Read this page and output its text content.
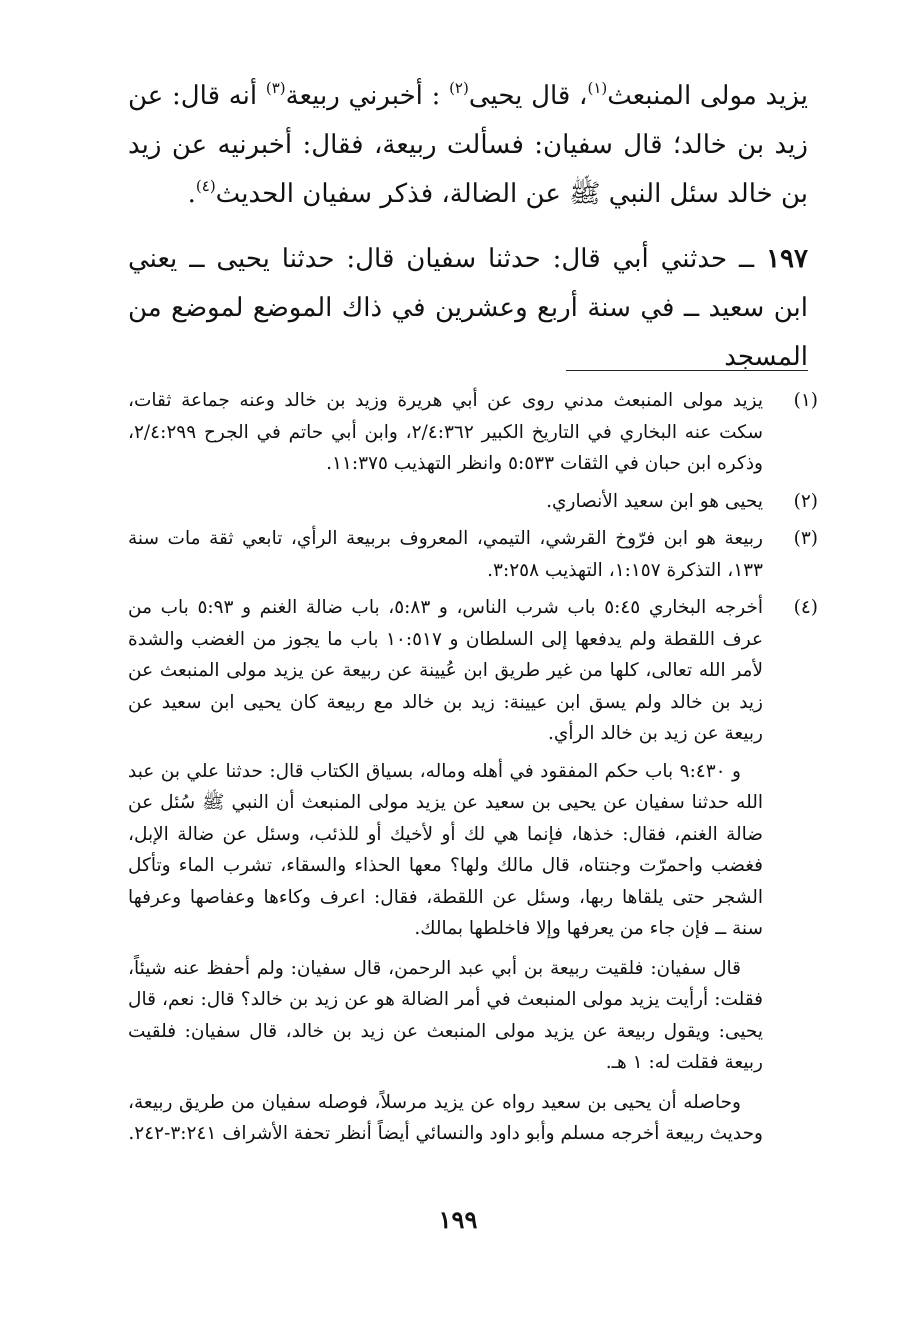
يزيد مولى المنبعث$^{(١)}$، قال يحيى$^{(٢)}$ : أخبرني ربيعة$^{(٣)}$ أنه قال: عن زيد بن خالد؛ قال سفيان: فسألت ربيعة، فقال: أخبرنيه عن زيد بن خالد سئل النبي ﷺ عن الضالة، فذكر سفيان الحديث$^{(٤)}$.

١٩٧ ــ حدثني أبي قال: حدثنا سفيان قال: حدثنا يحيى ــ يعني ابن سعيد ــ في سنة أربع وعشرين في ذاك الموضع لموضع من المسجد

(١)

يزيد مولى المنبعث مدني روى عن أبي هريرة وزيد بن خالد وعنه جماعة ثقات، سكت عنه البخاري في التاريخ الكبير ٢/٤:٣٦٢، وابن أبي حاتم في الجرح ٢/٤:٢٩٩، وذكره ابن حبان في الثقات ٥:٥٣٣ وانظر التهذيب ١١:٣٧٥.

(٢)

يحيى هو ابن سعيد الأنصاري.

(٣)

ربيعة هو ابن فرّوخ القرشي، التيمي، المعروف بربيعة الرأي، تابعي ثقة مات سنة ١٣٣، التذكرة ١:١٥٧، التهذيب ٣:٢٥٨.

(٤)

أخرجه البخاري ٥:٤٥ باب شرب الناس، و ٥:٨٣، باب ضالة الغنم و ٥:٩٣ باب من عرف اللقطة ولم يدفعها إلى السلطان و ١٠:٥١٧ باب ما يجوز من الغضب والشدة لأمر الله تعالى، كلها من غير طريق ابن عُيينة عن ربيعة عن يزيد مولى المنبعث عن زيد بن خالد ولم يسق ابن عيينة: زيد بن خالد مع ربيعة كان يحيى ابن سعيد عن ربيعة عن زيد بن خالد الرأي.

و ٩:٤٣٠ باب حكم المفقود في أهله وماله، بسياق الكتاب قال: حدثنا علي بن عبد الله حدثنا سفيان عن يحيى بن سعيد عن يزيد مولى المنبعث أن النبي ﷺ سُئل عن ضالة الغنم، فقال: خذها، فإنما هي لك أو لأخيك أو للذئب، وسئل عن ضالة الإبل، فغضب واحمرّت وجنتاه، قال مالك ولها؟ معها الحذاء والسقاء، تشرب الماء وتأكل الشجر حتى يلقاها ربها، وسئل عن اللقطة، فقال: اعرف وكاءها وعفاصها وعرفها سنة ــ فإن جاء من يعرفها وإلا فاخلطها بمالك.

قال سفيان: فلقيت ربيعة بن أبي عبد الرحمن، قال سفيان: ولم أحفظ عنه شيئاً، فقلت: أرأيت يزيد مولى المنبعث في أمر الضالة هو عن زيد بن خالد؟ قال: نعم، قال يحيى: ويقول ربيعة عن يزيد مولى المنبعث عن زيد بن خالد، قال سفيان: فلقيت ربيعة فقلت له: ١ هـ.

وحاصله أن يحيى بن سعيد رواه عن يزيد مرسلاً، فوصله سفيان من طريق ربيعة، وحديث ربيعة أخرجه مسلم وأبو داود والنسائي أيضاً أنظر تحفة الأشراف ٣:٢٤١-٢٤٢.

١٩٩
